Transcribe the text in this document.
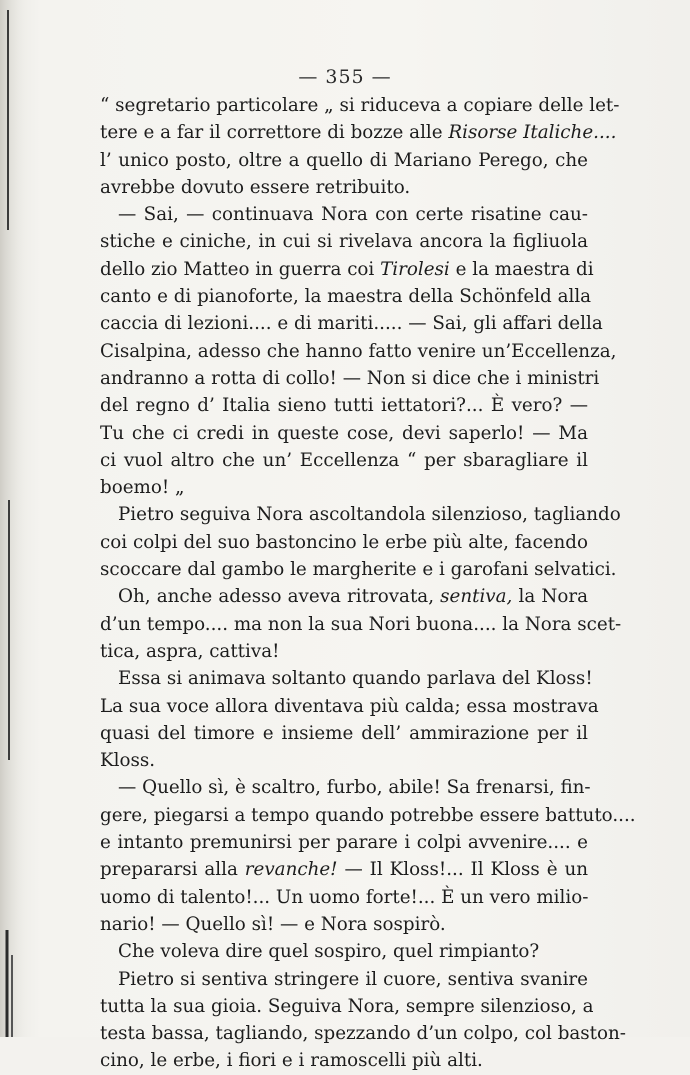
— 355 —
“ segretario particolare „ si riduceva a copiare delle let-
tere e a far il correttore di bozze alle Risorse Italiche....
l’ unico posto, oltre a quello di Mariano Perego, che
avrebbe dovuto essere retribuito.
— Sai, — continuava Nora con certe risatine cau-
stiche e ciniche, in cui si rivelava ancora la figliuola
dello zio Matteo in guerra coi Tirolesi e la maestra di
canto e di pianoforte, la maestra della Schönfeld alla
caccia di lezioni.... e di mariti..... — Sai, gli affari della
Cisalpina, adesso che hanno fatto venire un’Eccellenza,
andranno a rotta di collo! — Non si dice che i ministri
del regno d’ Italia sieno tutti iettatori?... È vero? —
Tu che ci credi in queste cose, devi saperlo! — Ma
ci vuol altro che un’ Eccellenza “ per sbaragliare il
boemo! „
Pietro seguiva Nora ascoltandola silenzioso, tagliando
coi colpi del suo bastoncino le erbe più alte, facendo
scoccare dal gambo le margherite e i garofani selvatici.
Oh, anche adesso aveva ritrovata, sentiva, la Nora
d’un tempo.... ma non la sua Nori buona.... la Nora scet-
tica, aspra, cattiva!
Essa si animava soltanto quando parlava del Kloss!
La sua voce allora diventava più calda; essa mostrava
quasi del timore e insieme dell’ ammirazione per il
Kloss.
— Quello sì, è scaltro, furbo, abile! Sa frenarsi, fin-
gere, piegarsi a tempo quando potrebbe essere battuto....
e intanto premunirsi per parare i colpi avvenire.... e
prepararsi alla revanche! — Il Kloss!... Il Kloss è un
uomo di talento!... Un uomo forte!... È un vero milio-
nario! — Quello sì! — e Nora sospirò.
Che voleva dire quel sospiro, quel rimpianto?
Pietro si sentiva stringere il cuore, sentiva svanire
tutta la sua gioia. Seguiva Nora, sempre silenzioso, a
testa bassa, tagliando, spezzando d’un colpo, col baston-
cino, le erbe, i fiori e i ramoscelli più alti.
